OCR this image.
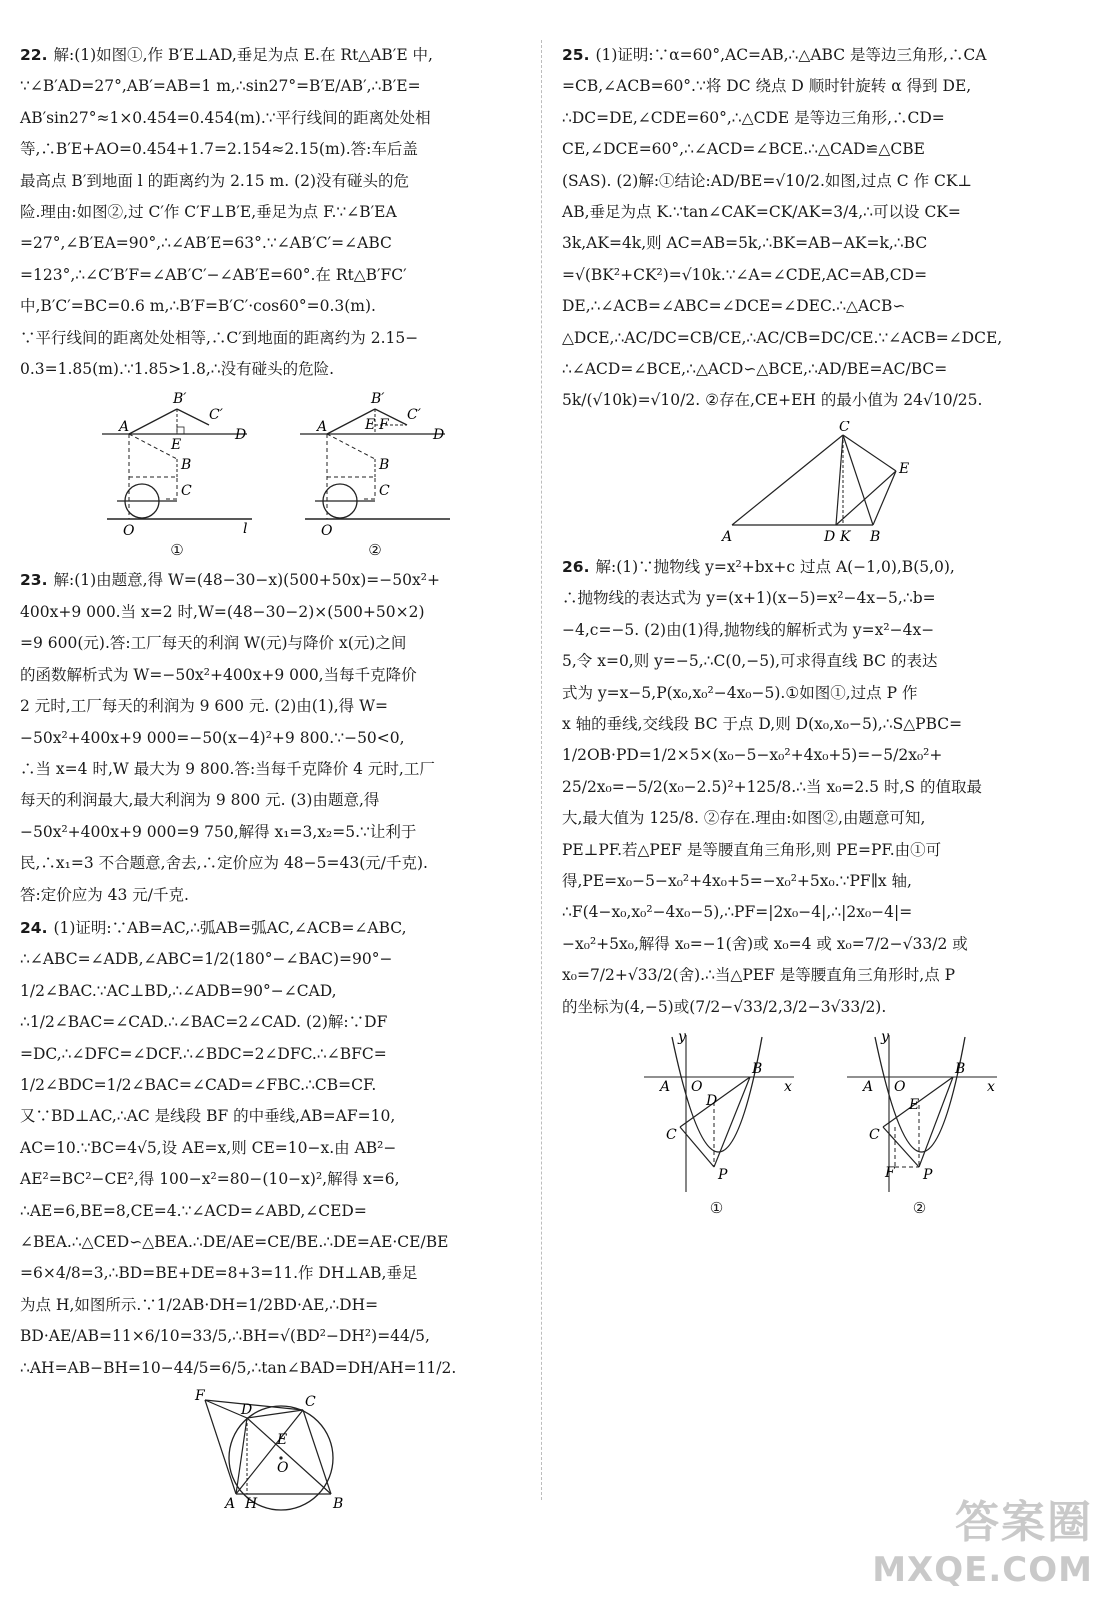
22. 解:(1)如图①,作 B′E⊥AD,垂足为点 E.在 Rt△AB′E 中,
∵∠B′AD=27°,AB′=AB=1 m,∴sin27°=B′E/AB′,∴B′E=
AB′sin27°≈1×0.454=0.454(m).∵平行线间的距离处处相
等,∴B′E+AO=0.454+1.7=2.154≈2.15(m).答:车后盖
最高点 B′到地面 l 的距离约为 2.15 m. (2)没有碰头的危
险.理由:如图②,过 C′作 C′F⊥B′E,垂足为点 F.∵∠B′EA
=27°,∠B′EA=90°,∴∠AB′E=63°.∵∠AB′C′=∠ABC
=123°,∴∠C′B′F=∠AB′C′−∠AB′E=60°.在 Rt△B′FC′
中,B′C′=BC=0.6 m,∴B′F=B′C′·cos60°=0.3(m).
∵平行线间的距离处处相等,∴C′到地面的距离约为 2.15−
0.3=1.85(m).∵1.85>1.8,∴没有碰头的危险.
A
B′
C′
D
E
B
C
O	l
①
A
B′
C′
D
E F
B
C
O
②
23. 解:(1)由题意,得 W=(48−30−x)(500+50x)=−50x²+
400x+9 000.当 x=2 时,W=(48−30−2)×(500+50×2)
=9 600(元).答:工厂每天的利润 W(元)与降价 x(元)之间
的函数解析式为 W=−50x²+400x+9 000,当每千克降价
2 元时,工厂每天的利润为 9 600 元. (2)由(1),得 W=
−50x²+400x+9 000=−50(x−4)²+9 800.∵−50<0,
∴当 x=4 时,W 最大为 9 800.答:当每千克降价 4 元时,工厂
每天的利润最大,最大利润为 9 800 元. (3)由题意,得
−50x²+400x+9 000=9 750,解得 x₁=3,x₂=5.∵让利于
民,∴x₁=3 不合题意,舍去,∴定价应为 48−5=43(元/千克).
答:定价应为 43 元/千克.
24. (1)证明:∵AB=AC,∴弧AB=弧AC,∠ACB=∠ABC,
∴∠ABC=∠ADB,∠ABC=1/2(180°−∠BAC)=90°−
1/2∠BAC.∵AC⊥BD,∴∠ADB=90°−∠CAD,
∴1/2∠BAC=∠CAD.∴∠BAC=2∠CAD. (2)解:∵DF
=DC,∴∠DFC=∠DCF.∴∠BDC=2∠DFC.∴∠BFC=
1/2∠BDC=1/2∠BAC=∠CAD=∠FBC.∴CB=CF.
又∵BD⊥AC,∴AC 是线段 BF 的中垂线,AB=AF=10,
AC=10.∵BC=4√5,设 AE=x,则 CE=10−x.由 AB²−
AE²=BC²−CE²,得 100−x²=80−(10−x)²,解得 x=6,
∴AE=6,BE=8,CE=4.∵∠ACD=∠ABD,∠CED=
∠BEA.∴△CED∽△BEA.∴DE/AE=CE/BE.∴DE=AE·CE/BE
=6×4/8=3,∴BD=BE+DE=8+3=11.作 DH⊥AB,垂足
为点 H,如图所示.∵1/2AB·DH=1/2BD·AE,∴DH=
BD·AE/AB=11×6/10=33/5,∴BH=√(BD²−DH²)=44/5,
∴AH=AB−BH=10−44/5=6/5,∴tan∠BAD=DH/AH=11/2.
F
D	C
E
O
A H	B
25. (1)证明:∵α=60°,AC=AB,∴△ABC 是等边三角形,∴CA
=CB,∠ACB=60°.∵将 DC 绕点 D 顺时针旋转 α 得到 DE,
∴DC=DE,∠CDE=60°,∴△CDE 是等边三角形,∴CD=
CE,∠DCE=60°,∴∠ACD=∠BCE.∴△CAD≌△CBE
(SAS). (2)解:①结论:AD/BE=√10/2.如图,过点 C 作 CK⊥
AB,垂足为点 K.∵tan∠CAK=CK/AK=3/4,∴可以设 CK=
3k,AK=4k,则 AC=AB=5k,∴BK=AB−AK=k,∴BC
=√(BK²+CK²)=√10k.∵∠A=∠CDE,AC=AB,CD=
DE,∴∠ACB=∠ABC=∠DCE=∠DEC.∴△ACB∽
△DCE,∴AC/DC=CB/CE,∴AC/CB=DC/CE.∵∠ACB=∠DCE,
∴∠ACD=∠BCE,∴△ACD∽△BCE,∴AD/BE=AC/BC=
5k/(√10k)=√10/2. ②存在,CE+EH 的最小值为 24√10/25.
C
E
A	D K B
26. 解:(1)∵抛物线 y=x²+bx+c 过点 A(−1,0),B(5,0),
∴抛物线的表达式为 y=(x+1)(x−5)=x²−4x−5,∴b=
−4,c=−5. (2)由(1)得,抛物线的解析式为 y=x²−4x−
5,令 x=0,则 y=−5,∴C(0,−5),可求得直线 BC 的表达
式为 y=x−5,P(x₀,x₀²−4x₀−5).①如图①,过点 P 作
x 轴的垂线,交线段 BC 于点 D,则 D(x₀,x₀−5),∴S△PBC=
1/2OB·PD=1/2×5×(x₀−5−x₀²+4x₀+5)=−5/2x₀²+
25/2x₀=−5/2(x₀−2.5)²+125/8.∴当 x₀=2.5 时,S 的值取最
大,最大值为 125/8. ②存在.理由:如图②,由题意可知,
PE⊥PF.若△PEF 是等腰直角三角形,则 PE=PF.由①可
得,PE=x₀−5−x₀²+4x₀+5=−x₀²+5x₀.∵PF∥x 轴,
∴F(4−x₀,x₀²−4x₀−5),∴PF=|2x₀−4|,∴|2x₀−4|=
−x₀²+5x₀,解得 x₀=−1(舍)或 x₀=4 或 x₀=7/2−√33/2 或
x₀=7/2+√33/2(舍).∴当△PEF 是等腰直角三角形时,点 P
的坐标为(4,−5)或(7/2−√33/2,3/2−3√33/2).
y
x
A O
B
D
C
P
①
y
x
A O
B
E
C
F P
②
答案圈
MXQE.COM
